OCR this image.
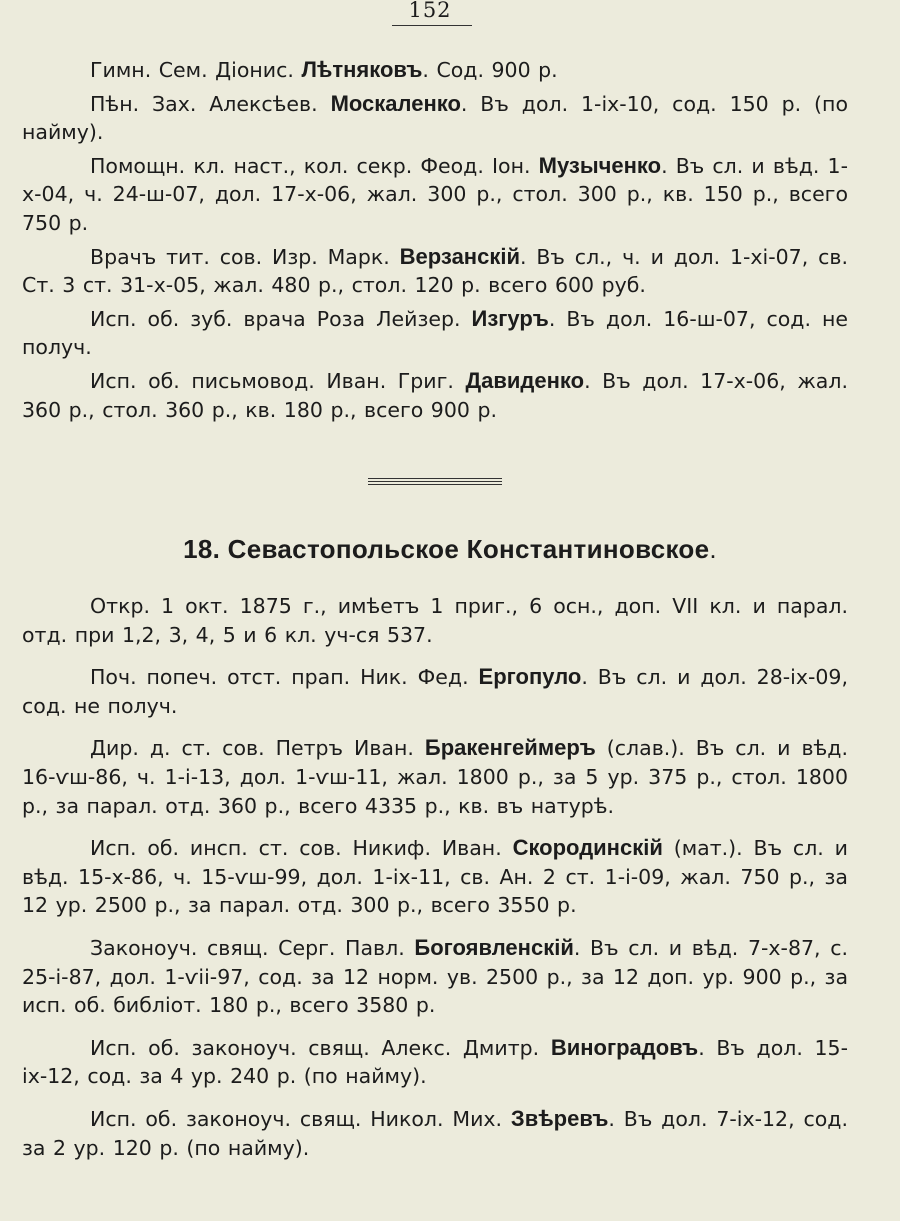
152

Гимн. Сем. Діонис. Лѣтняковъ. Сод. 900 р.

Пѣн. Зах. Алексѣев. Москаленко. Въ дол. 1-іх-10, сод. 150 р. (по найму).

Помощн. кл. наст., кол. секр. Феод. Іон. Музыченко. Въ сл. и вѣд. 1-х-04, ч. 24-ш-07, дол. 17-х-06, жал. 300 р., стол. 300 р., кв. 150 р., всего 750 р.

Врачъ тит. сов. Изр. Марк. Верзанскій. Въ сл., ч. и дол. 1-хі-07, св. Ст. 3 ст. 31-х-05, жал. 480 р., стол. 120 р. всего 600 руб.

Исп. об. зуб. врача Роза Лейзер. Изгуръ. Въ дол. 16-ш-07, сод. не получ.

Исп. об. письмовод. Иван. Григ. Давиденко. Въ дол. 17-х-06, жал. 360 р., стол. 360 р., кв. 180 р., всего 900 р.

18. Севастопольское Константиновское.

Откр. 1 окт. 1875 г., имѣетъ 1 приг., 6 осн., доп. VII кл. и парал. отд. при 1,2, 3, 4, 5 и 6 кл. уч-ся 537.

Поч. попеч. отст. прап. Ник. Фед. Ергопуло. Въ сл. и дол. 28-іх-09, сод. не получ.

Дир. д. ст. сов. Петръ Иван. Бракенгеймеръ (слав.). Въ сл. и вѣд. 16-ѵш-86, ч. 1-і-13, дол. 1-ѵш-11, жал. 1800 р., за 5 ур. 375 р., стол. 1800 р., за парал. отд. 360 р., всего 4335 р., кв. въ натурѣ.

Исп. об. инсп. ст. сов. Никиф. Иван. Скородинскій (мат.). Въ сл. и вѣд. 15-х-86, ч. 15-ѵш-99, дол. 1-іх-11, св. Ан. 2 ст. 1-і-09, жал. 750 р., за 12 ур. 2500 р., за парал. отд. 300 р., всего 3550 р.

Законоуч. свящ. Серг. Павл. Богоявленскій. Въ сл. и вѣд. 7-х-87, с. 25-і-87, дол. 1-ѵіі-97, сод. за 12 норм. ув. 2500 р., за 12 доп. ур. 900 р., за исп. об. библіот. 180 р., всего 3580 р.

Исп. об. законоуч. свящ. Алекс. Дмитр. Виноградовъ. Въ дол. 15-іх-12, сод. за 4 ур. 240 р. (по найму).

Исп. об. законоуч. свящ. Никол. Мих. Звѣревъ. Въ дол. 7-іх-12, сод. за 2 ур. 120 р. (по найму).
